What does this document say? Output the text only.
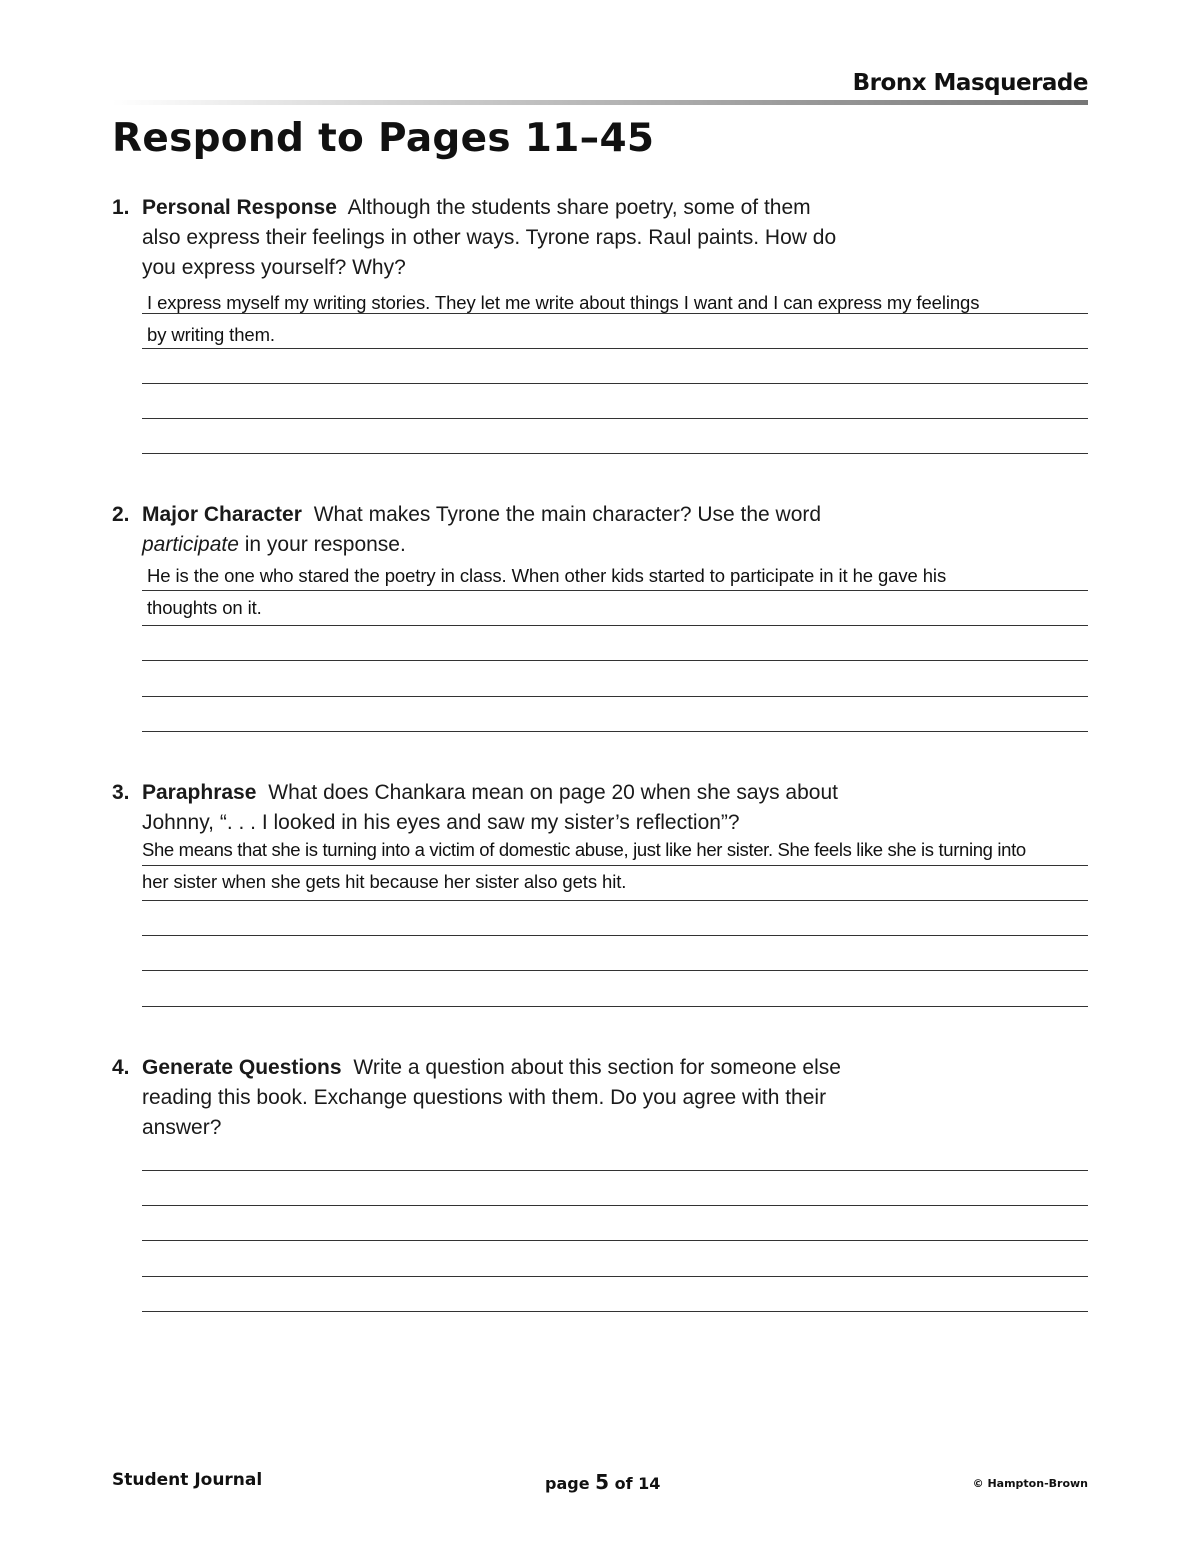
Bronx Masquerade
Respond to Pages 11–45
1. Personal Response Although the students share poetry, some of them also express their feelings in other ways. Tyrone raps. Raul paints. How do you express yourself? Why?
I express myself my writing stories. They let me write about things I want and I can express my feelings
by writing them.
2. Major Character What makes Tyrone the main character? Use the word participate in your response.
He is the one who stared the poetry in class. When other kids started to participate in it he gave his
thoughts on it.
3. Paraphrase What does Chankara mean on page 20 when she says about Johnny, “. . . I looked in his eyes and saw my sister’s reflection”?
She means that she is turning into a victim of domestic abuse, just like her sister. She feels like she is turning into
her sister when she gets hit because her sister also gets hit.
4. Generate Questions Write a question about this section for someone else reading this book. Exchange questions with them. Do you agree with their answer?
Student Journal	page 5 of 14	© Hampton-Brown
